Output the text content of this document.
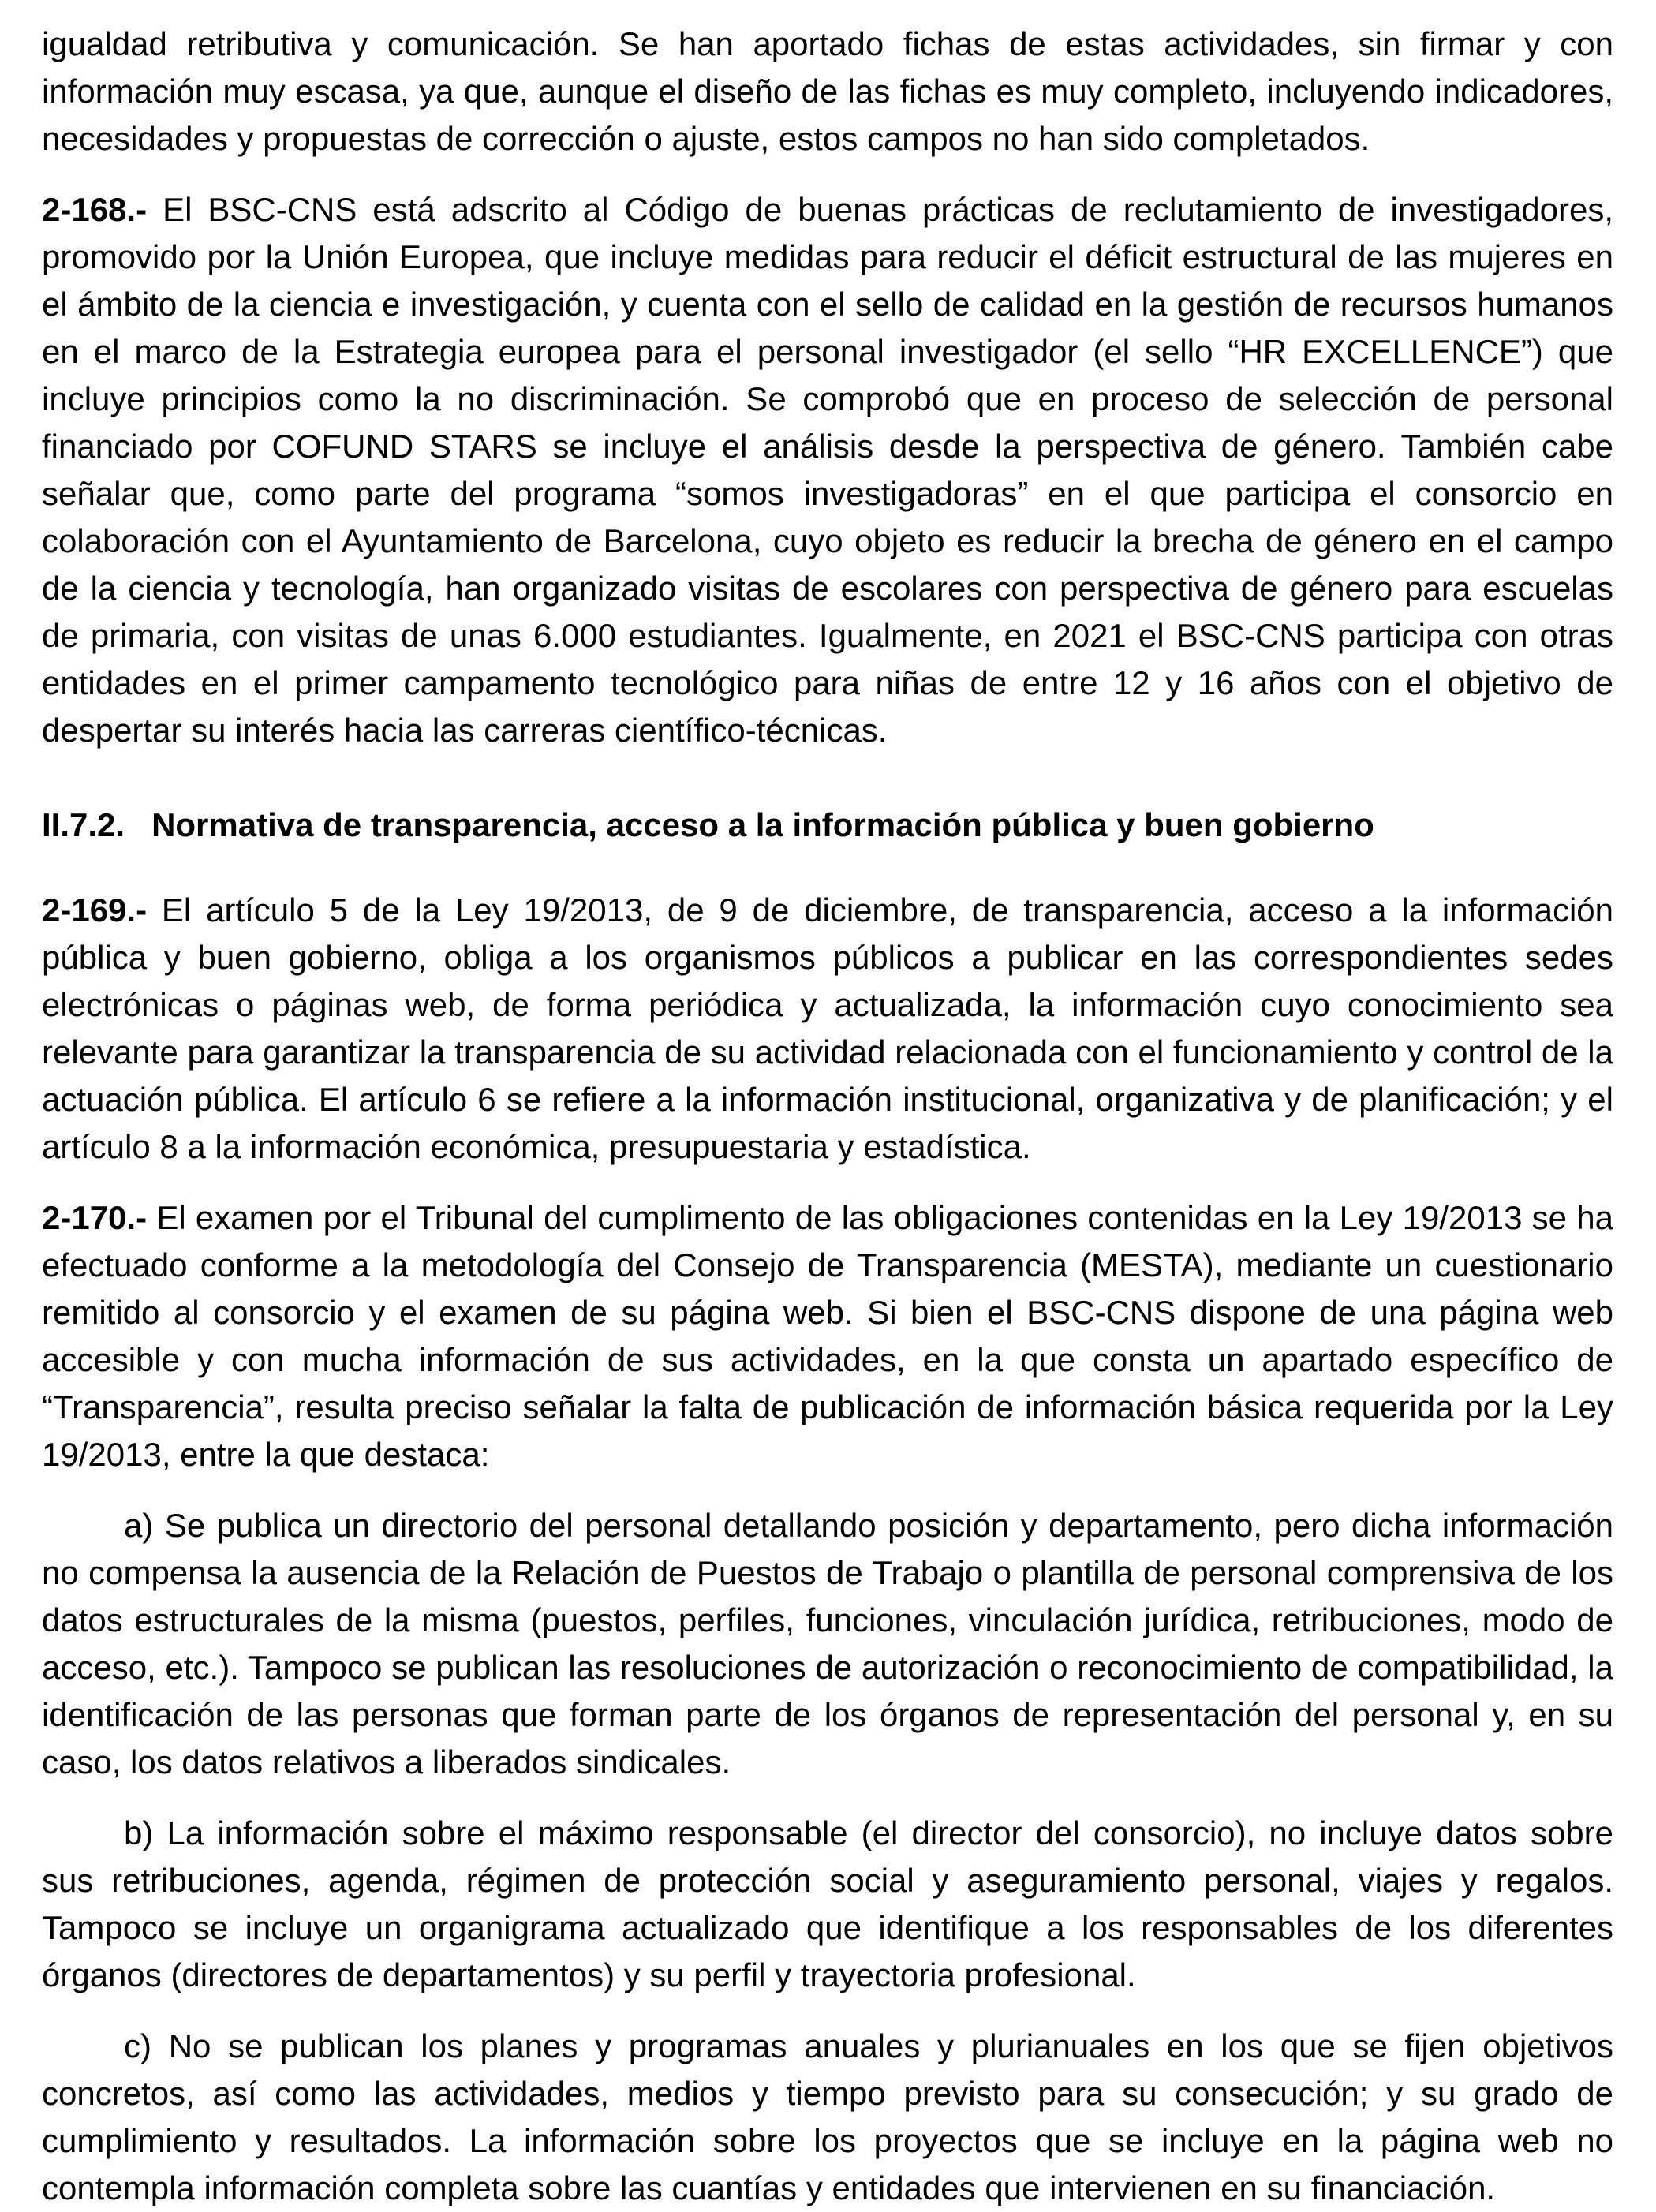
igualdad retributiva y comunicación. Se han aportado fichas de estas actividades, sin firmar y con información muy escasa, ya que, aunque el diseño de las fichas es muy completo, incluyendo indicadores, necesidades y propuestas de corrección o ajuste, estos campos no han sido completados.

2-168.- El BSC-CNS está adscrito al Código de buenas prácticas de reclutamiento de investigadores, promovido por la Unión Europea, que incluye medidas para reducir el déficit estructural de las mujeres en el ámbito de la ciencia e investigación, y cuenta con el sello de calidad en la gestión de recursos humanos en el marco de la Estrategia europea para el personal investigador (el sello “HR EXCELLENCE”) que incluye principios como la no discriminación. Se comprobó que en proceso de selección de personal financiado por COFUND STARS se incluye el análisis desde la perspectiva de género. También cabe señalar que, como parte del programa “somos investigadoras” en el que participa el consorcio en colaboración con el Ayuntamiento de Barcelona, cuyo objeto es reducir la brecha de género en el campo de la ciencia y tecnología, han organizado visitas de escolares con perspectiva de género para escuelas de primaria, con visitas de unas 6.000 estudiantes. Igualmente, en 2021 el BSC-CNS participa con otras entidades en el primer campamento tecnológico para niñas de entre 12 y 16 años con el objetivo de despertar su interés hacia las carreras científico-técnicas.

II.7.2. Normativa de transparencia, acceso a la información pública y buen gobierno

2-169.- El artículo 5 de la Ley 19/2013, de 9 de diciembre, de transparencia, acceso a la información pública y buen gobierno, obliga a los organismos públicos a publicar en las correspondientes sedes electrónicas o páginas web, de forma periódica y actualizada, la información cuyo conocimiento sea relevante para garantizar la transparencia de su actividad relacionada con el funcionamiento y control de la actuación pública. El artículo 6 se refiere a la información institucional, organizativa y de planificación; y el artículo 8 a la información económica, presupuestaria y estadística.

2-170.- El examen por el Tribunal del cumplimento de las obligaciones contenidas en la Ley 19/2013 se ha efectuado conforme a la metodología del Consejo de Transparencia (MESTA), mediante un cuestionario remitido al consorcio y el examen de su página web. Si bien el BSC-CNS dispone de una página web accesible y con mucha información de sus actividades, en la que consta un apartado específico de “Transparencia”, resulta preciso señalar la falta de publicación de información básica requerida por la Ley 19/2013, entre la que destaca:

a) Se publica un directorio del personal detallando posición y departamento, pero dicha información no compensa la ausencia de la Relación de Puestos de Trabajo o plantilla de personal comprensiva de los datos estructurales de la misma (puestos, perfiles, funciones, vinculación jurídica, retribuciones, modo de acceso, etc.). Tampoco se publican las resoluciones de autorización o reconocimiento de compatibilidad, la identificación de las personas que forman parte de los órganos de representación del personal y, en su caso, los datos relativos a liberados sindicales.

b) La información sobre el máximo responsable (el director del consorcio), no incluye datos sobre sus retribuciones, agenda, régimen de protección social y aseguramiento personal, viajes y regalos. Tampoco se incluye un organigrama actualizado que identifique a los responsables de los diferentes órganos (directores de departamentos) y su perfil y trayectoria profesional.

c) No se publican los planes y programas anuales y plurianuales en los que se fijen objetivos concretos, así como las actividades, medios y tiempo previsto para su consecución; y su grado de cumplimiento y resultados. La información sobre los proyectos que se incluye en la página web no contempla información completa sobre las cuantías y entidades que intervienen en su financiación.
